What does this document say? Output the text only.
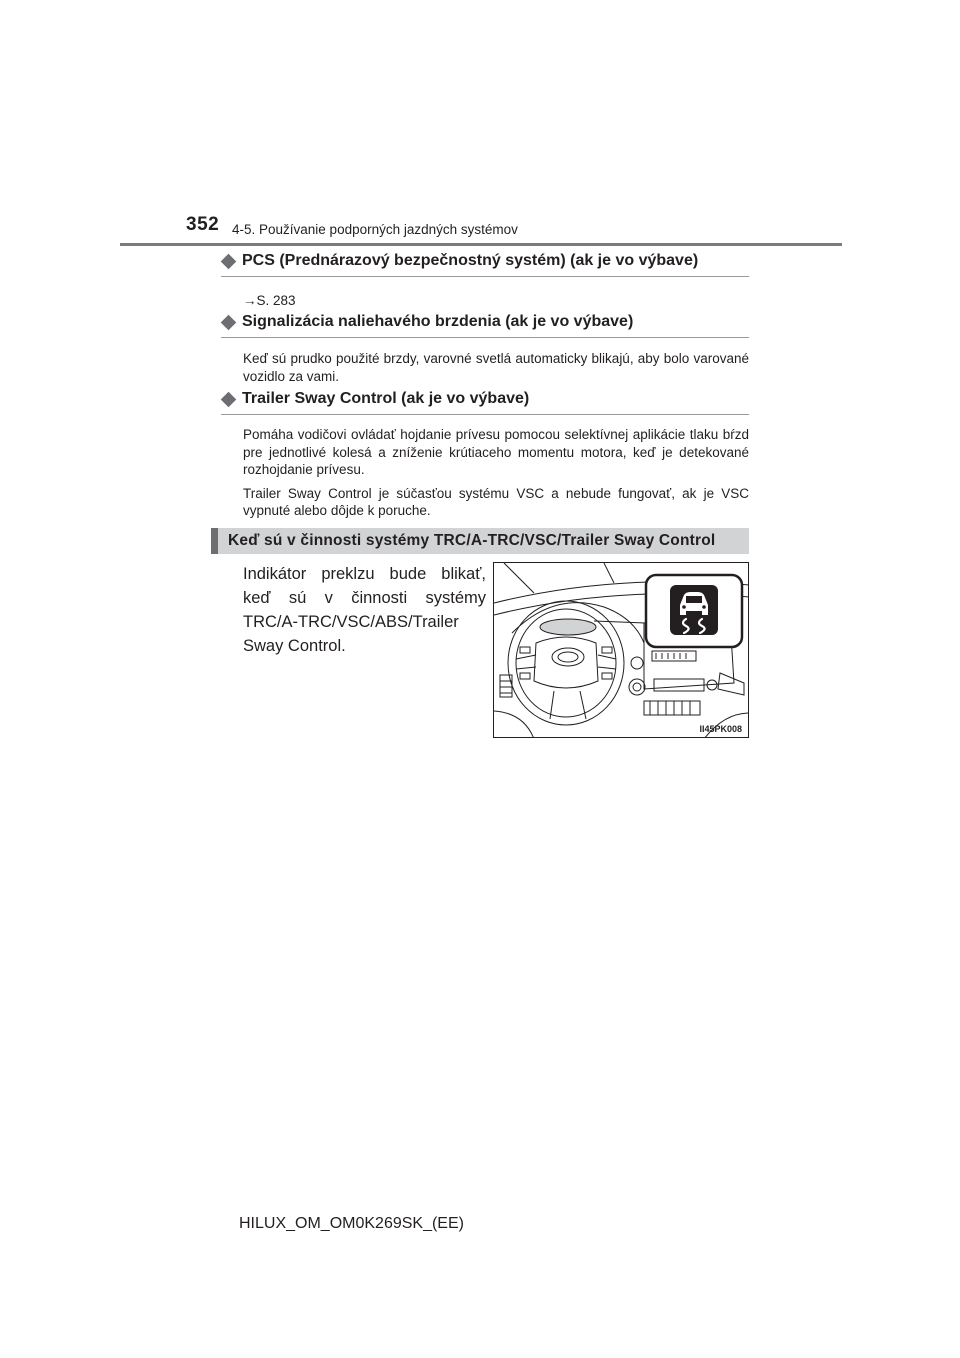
352 4-5. Používanie podporných jazdných systémov
PCS (Prednárazový bezpečnostný systém) (ak je vo výbave)
→S. 283
Signalizácia naliehavého brzdenia (ak je vo výbave)

Keď sú prudko použité brzdy, varovné svetlá automaticky blikajú, aby bolo varované vozidlo za vami.

Trailer Sway Control (ak je vo výbave)

Pomáha vodičovi ovládať hojdanie prívesu pomocou selektívnej aplikácie tlaku bŕzd pre jednotlivé kolesá a zníženie krútiaceho momentu motora, keď je detekované rozhojdanie prívesu.

Trailer Sway Control je súčasťou systému VSC a nebude fungovať, ak je VSC vypnuté alebo dôjde k poruche.

Keď sú v činnosti systémy TRC/A-TRC/VSC/Trailer Sway Control

Indikátor preklzu bude blikať, keď sú v činnosti systémy TRC/A-TRC/VSC/ABS/Trailer Sway Control.

II45PK008
HILUX_OM_OM0K269SK_(EE)
